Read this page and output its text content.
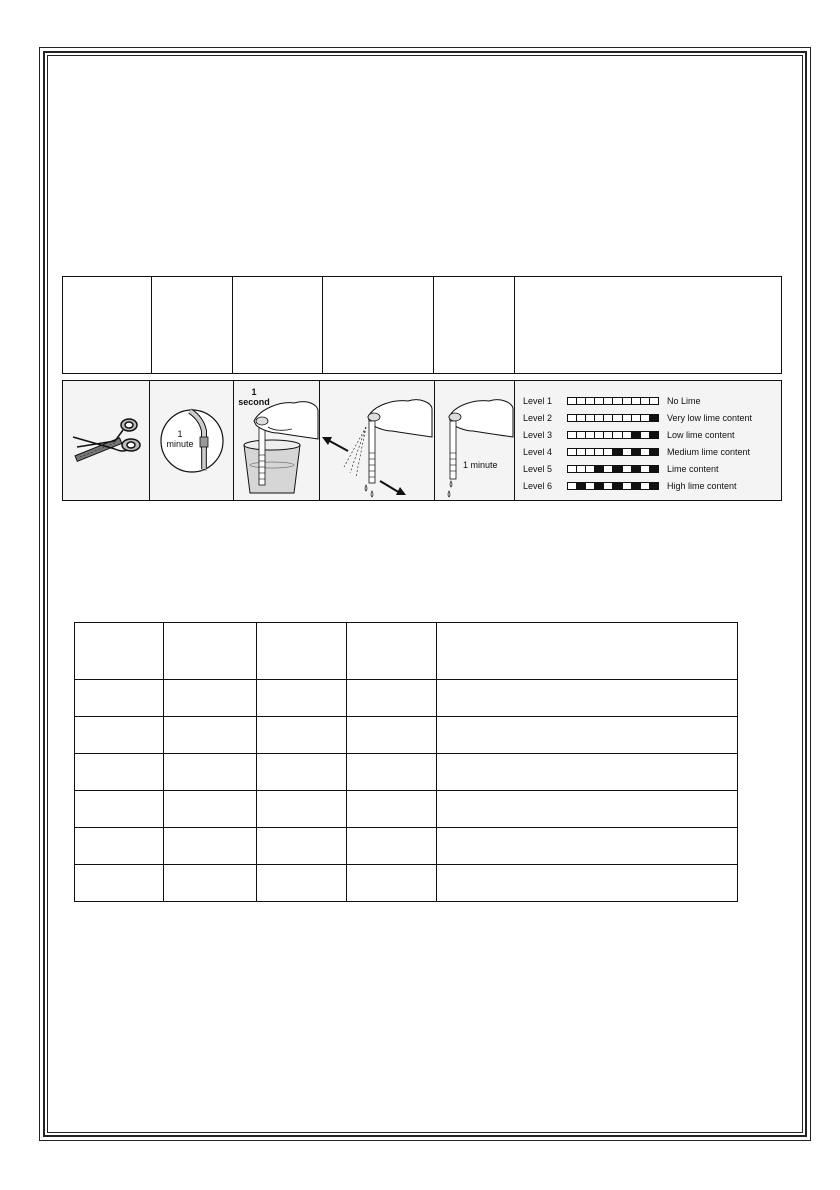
1
minute
1
second
1 minute
Level 1	No Lime
Level 2	Very low lime content
Level 3	Low lime content
Level 4	Medium lime content
Level 5	Lime content
Level 6	High lime content
